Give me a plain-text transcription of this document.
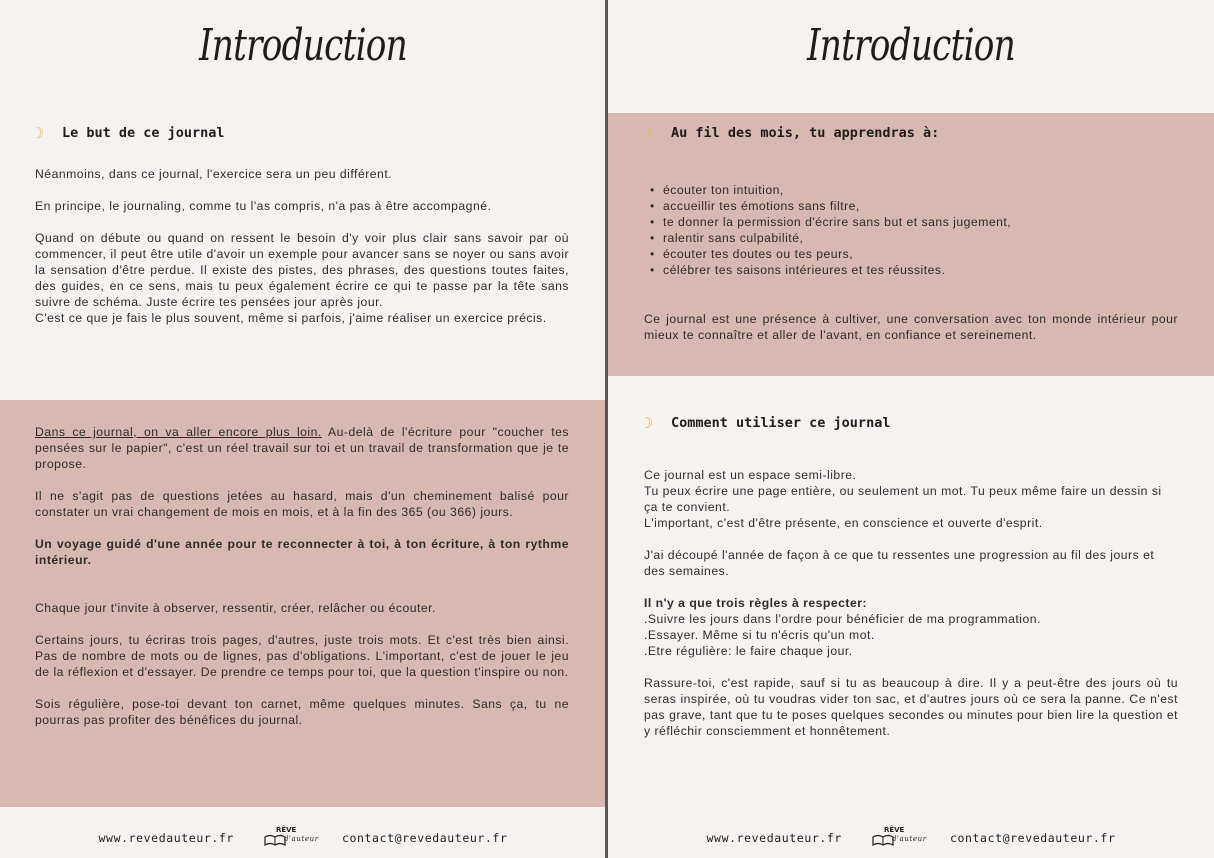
Introduction
☽	Le but de ce journal

Néanmoins, dans ce journal, l'exercice sera un peu différent.

En principe, le journaling, comme tu l'as compris, n'a pas à être accompagné.

Quand on débute ou quand on ressent le besoin d'y voir plus clair sans savoir par où commencer, il peut être utile d'avoir un exemple pour avancer sans se noyer ou sans avoir la sensation d'être perdue. Il existe des pistes, des phrases, des questions toutes faites, des guides, en ce sens, mais tu peux également écrire ce qui te passe par la tête sans suivre de schéma. Juste écrire tes pensées jour après jour.

C'est ce que je fais le plus souvent, même si parfois, j'aime réaliser un exercice précis.

Dans ce journal, on va aller encore plus loin. Au-delà de l'écriture pour "coucher tes pensées sur le papier", c'est un réel travail sur toi et un travail de transformation que je te propose.

Il ne s'agit pas de questions jetées au hasard, mais d'un cheminement balisé pour constater un vrai changement de mois en mois, et à la fin des 365 (ou 366) jours.

Un voyage guidé d'une année pour te reconnecter à toi, à ton écriture, à ton rythme intérieur.

Chaque jour t'invite à observer, ressentir, créer, relâcher ou écouter.

Certains jours, tu écriras trois pages, d'autres, juste trois mots. Et c'est très bien ainsi. Pas de nombre de mots ou de lignes, pas d'obligations. L'important, c'est de jouer le jeu de la réflexion et d'essayer. De prendre ce temps pour toi, que la question t'inspire ou non.

Sois régulière, pose-toi devant ton carnet, même quelques minutes. Sans ça, tu ne pourras pas profiter des bénéfices du journal.

www.revedauteur.fr
RÊVE
d'auteur contact@revedauteur.fr
Introduction
☽	Au fil des mois, tu apprendras à:
• écouter ton intuition,
• accueillir tes émotions sans filtre,
• te donner la permission d'écrire sans but et sans jugement,
• ralentir sans culpabilité,
• écouter tes doutes ou tes peurs,
• célébrer tes saisons intérieures et tes réussites.

Ce journal est une présence à cultiver, une conversation avec ton monde intérieur pour mieux te connaître et aller de l'avant, en confiance et sereinement.

☽	Comment utiliser ce journal

Ce journal est un espace semi-libre.

Tu peux écrire une page entière, ou seulement un mot. Tu peux même faire un dessin si ça te convient.

L'important, c'est d'être présente, en conscience et ouverte d'esprit.

J'ai découpé l'année de façon à ce que tu ressentes une progression au fil des jours et des semaines.

Il n'y a que trois règles à respecter:

.Suivre les jours dans l'ordre pour bénéficier de ma programmation.

.Essayer. Même si tu n'écris qu'un mot.

.Etre régulière: le faire chaque jour.

Rassure-toi, c'est rapide, sauf si tu as beaucoup à dire. Il y a peut-être des jours où tu seras inspirée, où tu voudras vider ton sac, et d'autres jours où ce sera la panne. Ce n'est pas grave, tant que tu te poses quelques secondes ou minutes pour bien lire la question et y réfléchir consciemment et honnêtement.

www.revedauteur.fr
RÊVE
d'auteur contact@revedauteur.fr
